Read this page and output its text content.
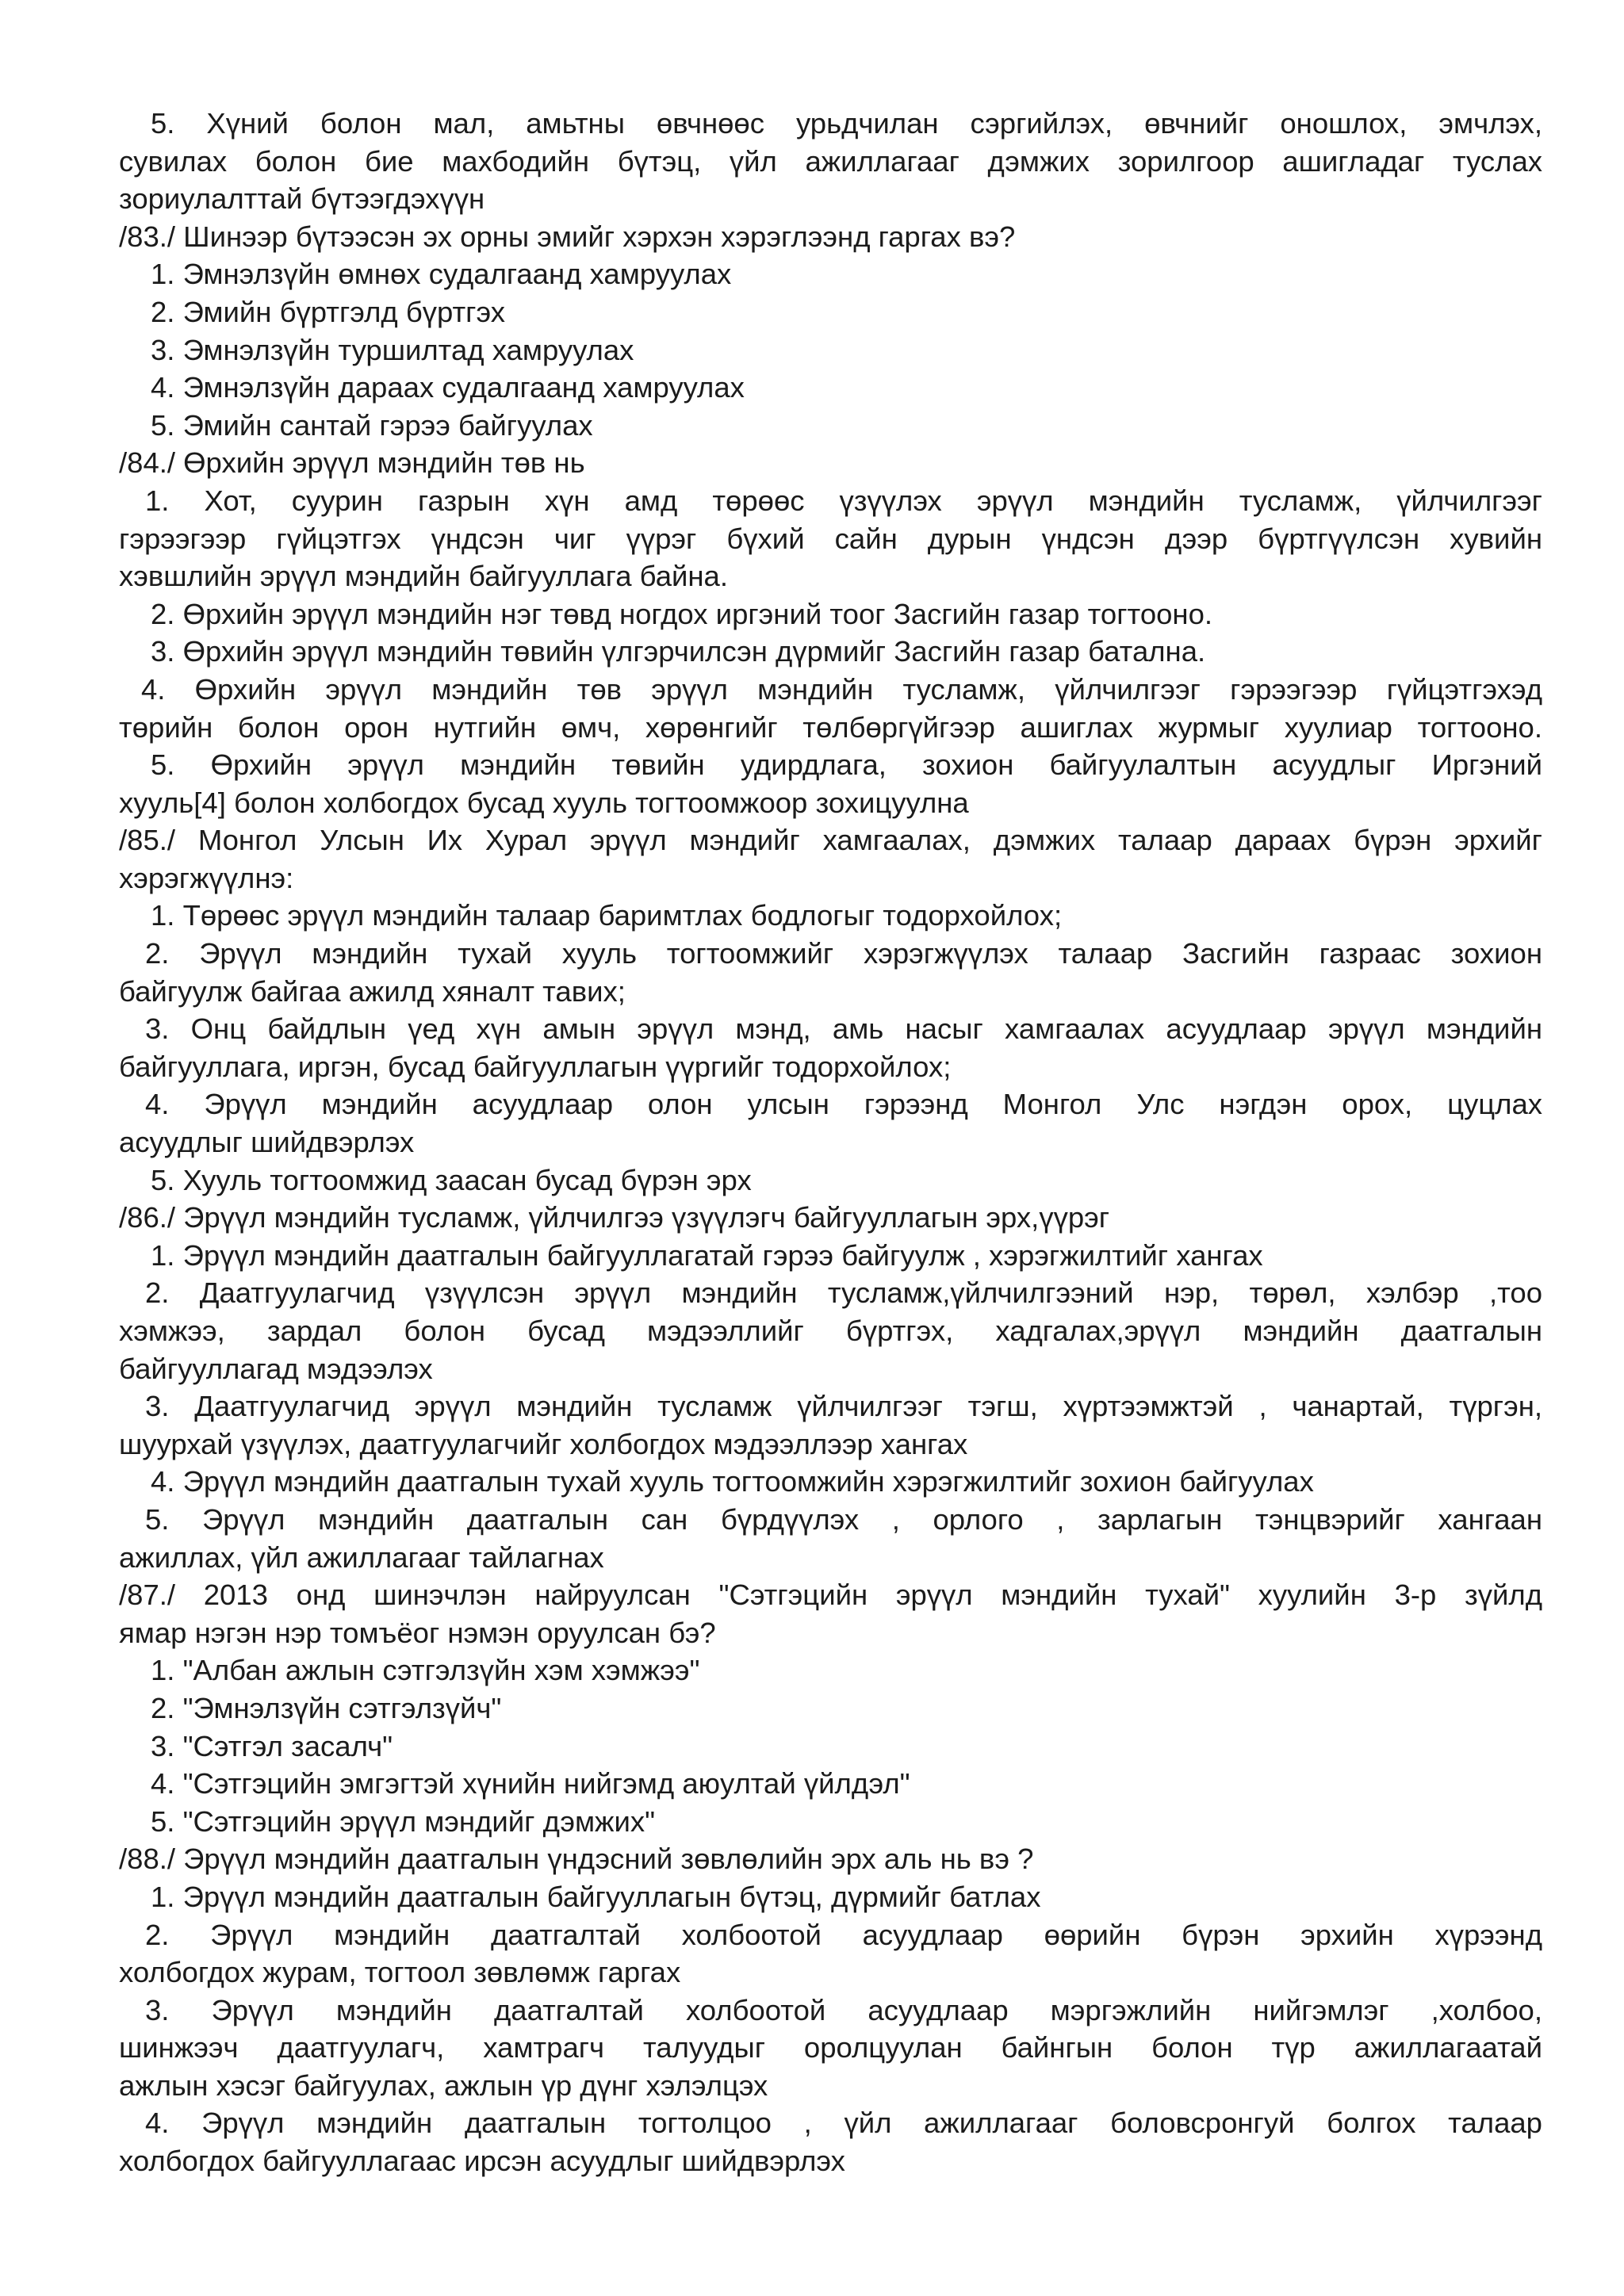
5. Хүний болон мал, амьтны өвчнөөс урьдчилан сэргийлэх, өвчнийг оношлох, эмчлэх,
сувилах болон бие махбодийн бүтэц, үйл ажиллагааг дэмжих зорилгоор ашигладаг туслах
зориулалттай бүтээгдэхүүн
/83./ Шинээр бүтээсэн эх орны эмийг хэрхэн хэрэглээнд гаргах вэ?
1. Эмнэлзүйн өмнөх судалгаанд хамруулах
2. Эмийн бүртгэлд бүртгэх
3. Эмнэлзүйн туршилтад хамруулах
4. Эмнэлзүйн дараах судалгаанд хамруулах
5. Эмийн сантай гэрээ байгуулах
/84./ Өрхийн эрүүл мэндийн төв нь
1. Хот, суурин газрын хүн амд төрөөс үзүүлэх эрүүл мэндийн тусламж, үйлчилгээг
гэрээгээр гүйцэтгэх үндсэн чиг үүрэг бүхий сайн дурын үндсэн дээр бүртгүүлсэн хувийн
хэвшлийн эрүүл мэндийн байгууллага байна.
2. Өрхийн эрүүл мэндийн нэг төвд ногдох иргэний тоог Засгийн газар тогтооно.
3. Өрхийн эрүүл мэндийн төвийн үлгэрчилсэн дүрмийг Засгийн газар батална.
4. Өрхийн эрүүл мэндийн төв эрүүл мэндийн тусламж, үйлчилгээг гэрээгээр гүйцэтгэхэд
төрийн болон орон нутгийн өмч, хөрөнгийг төлбөргүйгээр ашиглах журмыг хуулиар тогтооно.
5. Өрхийн эрүүл мэндийн төвийн удирдлага, зохион байгуулалтын асуудлыг Иргэний
хууль[4] болон холбогдох бусад хууль тогтоомжоор зохицуулна
/85./ Монгол Улсын Их Хурал эрүүл мэндийг хамгаалах, дэмжих талаар дараах бүрэн эрхийг
хэрэгжүүлнэ:
1. Төрөөс эрүүл мэндийн талаар баримтлах бодлогыг тодорхойлох;
2. Эрүүл мэндийн тухай хууль тогтоомжийг хэрэгжүүлэх талаар Засгийн газраас зохион
байгуулж байгаа ажилд хяналт тавих;
3. Онц байдлын үед хүн амын эрүүл мэнд, амь насыг хамгаалах асуудлаар эрүүл мэндийн
байгууллага, иргэн, бусад байгууллагын үүргийг тодорхойлох;
4. Эрүүл мэндийн асуудлаар олон улсын гэрээнд Монгол Улс нэгдэн орох, цуцлах
асуудлыг шийдвэрлэх
5. Хууль тогтоомжид заасан бусад бүрэн эрх
/86./ Эрүүл мэндийн тусламж, үйлчилгээ үзүүлэгч байгууллагын эрх,үүрэг
1. Эрүүл мэндийн даатгалын байгууллагатай гэрээ байгуулж , хэрэгжилтийг хангах
2. Даатгуулагчид үзүүлсэн эрүүл мэндийн тусламж,үйлчилгээний нэр, төрөл, хэлбэр ,тоо
хэмжээ, зардал болон бусад мэдээллийг бүртгэх, хадгалах,эрүүл мэндийн даатгалын
байгууллагад мэдээлэх
3. Даатгуулагчид эрүүл мэндийн тусламж үйлчилгээг тэгш, хүртээмжтэй , чанартай, түргэн,
шуурхай үзүүлэх, даатгуулагчийг холбогдох мэдээллээр хангах
4. Эрүүл мэндийн даатгалын тухай хууль тогтоомжийн хэрэгжилтийг зохион байгуулах
5. Эрүүл мэндийн даатгалын сан бүрдүүлэх , орлого , зарлагын тэнцвэрийг хангаан
ажиллах, үйл ажиллагааг тайлагнах
/87./ 2013 онд шинэчлэн найруулсан "Сэтгэцийн эрүүл мэндийн тухай" хуулийн 3-р зүйлд
ямар нэгэн нэр томъёог нэмэн оруулсан бэ?
1. "Албан ажлын сэтгэлзүйн хэм хэмжээ"
2. "Эмнэлзүйн сэтгэлзүйч"
3. "Сэтгэл засалч"
4. "Сэтгэцийн эмгэгтэй хүнийн нийгэмд аюултай үйлдэл"
5. "Сэтгэцийн эрүүл мэндийг дэмжих"
/88./ Эрүүл мэндийн даатгалын үндэсний зөвлөлийн эрх аль нь вэ ?
1. Эрүүл мэндийн даатгалын байгууллагын бүтэц, дүрмийг батлах
2. Эрүүл мэндийн даатгалтай холбоотой асуудлаар өөрийн бүрэн эрхийн хүрээнд
холбогдох журам, тогтоол зөвлөмж гаргах
3. Эрүүл мэндийн даатгалтай холбоотой асуудлаар мэргэжлийн нийгэмлэг ,холбоо,
шинжээч даатгуулагч, хамтрагч талуудыг оролцуулан байнгын болон түр ажиллагаатай
ажлын хэсэг байгуулах, ажлын үр дүнг хэлэлцэх
4. Эрүүл мэндийн даатгалын тогтолцоо , үйл ажиллагааг боловсронгуй болгох талаар
холбогдох байгууллагаас ирсэн асуудлыг шийдвэрлэх
